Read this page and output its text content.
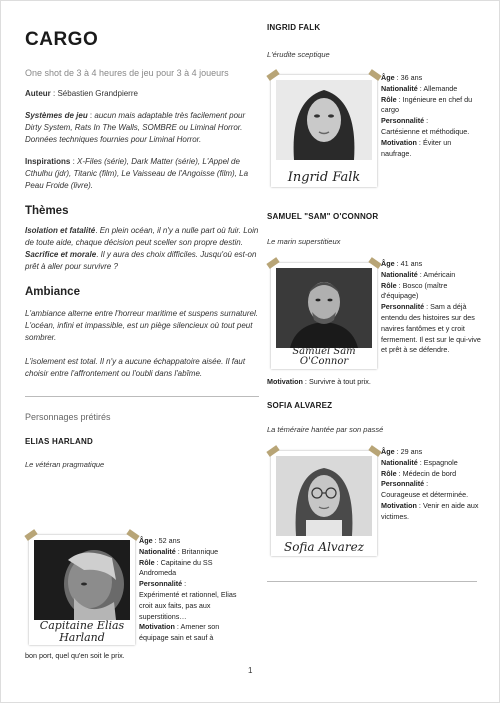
CARGO
One shot de 3 à 4 heures de jeu pour 3 à 4 joueurs
Auteur : Sébastien Grandpierre
Systèmes de jeu : aucun mais adaptable très facilement pour Dirty System, Rats In The Walls, SOMBRE ou Liminal Horror. Données techniques fournies pour Liminal Horror.
Inspirations : X-Files (série), Dark Matter (série), L'Appel de Cthulhu (jdr), Titanic (film), Le Vaisseau de l'Angoisse (film), La Peau Froide (livre).
Thèmes
Isolation et fatalité. En plein océan, il n'y a nulle part où fuir. Loin de toute aide, chaque décision peut sceller son propre destin.
Sacrifice et morale. Il y aura des choix difficiles. Jusqu'où est-on prêt à aller pour survivre ?
Ambiance
L'ambiance alterne entre l'horreur maritime et suspens surnaturel. L'océan, infini et impassible, est un piège silencieux où tout peut sombrer.
L'isolement est total. Il n'y a aucune échappatoire aisée. Il faut choisir entre l'affrontement ou l'oubli dans l'abîme.
Personnages prétirés
ELIAS HARLAND
Le vétéran pragmatique
Capitaine Elias Harland

Âge : 52 ans

Nationalité : Britannique

Rôle : Capitaine du SS Andromeda

Personnalité :

Expérimenté et rationnel, Elias croit aux faits, pas aux superstitions…

Motivation : Amener son équipage sain et sauf à

bon port, quel qu'en soit le prix.
INGRID FALK
L'érudite sceptique
Ingrid Falk

Âge : 36 ans

Nationalité : Allemande

Rôle : Ingénieure en chef du cargo

Personnalité :

Cartésienne et méthodique.

Motivation : Éviter un naufrage.

SAMUEL "SAM" O'CONNOR
Le marin superstitieux
Samuel Sam O'Connor

Âge : 41 ans

Nationalité : Américain

Rôle : Bosco (maître d'équipage)

Personnalité : Sam a déjà entendu des histoires sur des navires fantômes et y croit fermement. Il est sur le qui-vive et prêt à se défendre.

Motivation : Survivre à tout prix.
SOFIA ALVAREZ
La téméraire hantée par son passé
Sofia Alvarez

Âge : 29 ans

Nationalité : Espagnole

Rôle : Médecin de bord

Personnalité :

Courageuse et déterminée.

Motivation : Venir en aide aux victimes.

1
